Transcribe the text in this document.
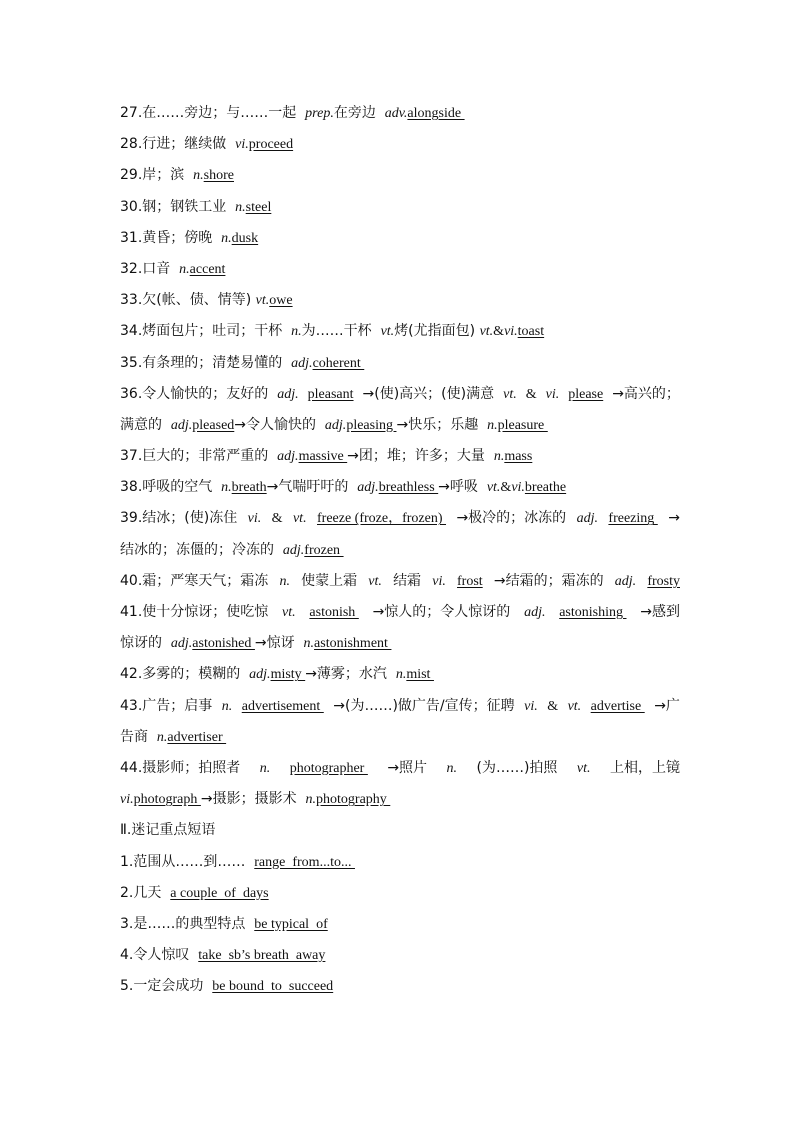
27.在……旁边；与……一起  prep.在旁边  adv.alongside
28.行进；继续做  vi.proceed
29.岸；滨  n.shore
30.钢；钢铁工业  n.steel
31.黄昏；傍晚  n.dusk
32.口音  n.accent
33.欠(帐、债、情等) vt.owe
34.烤面包片；吐司；干杯  n.为……干杯  vt.烤(尤指面包) vt.&vi.toast
35.有条理的；清楚易懂的  adj.coherent
36.令人愉快的；友好的 adj. pleasant →(使)高兴；(使)满意 vt. & vi. please →高兴的；
满意的  adj.pleased→令人愉快的  adj.pleasing →快乐；乐趣  n.pleasure
37.巨大的；非常严重的  adj.massive →团；堆；许多；大量  n.mass
38.呼吸的空气  n.breath→气喘吁吁的  adj.breathless →呼吸  vt.&vi.breathe
39.结冰；(使)冻住 vi. & vt. freeze (froze，frozen) →极冷的；冰冻的 adj. freezing →
结冰的；冻僵的；冷冻的  adj.frozen
40.霜；严寒天气；霜冻 n. 使蒙上霜 vt. 结霜 vi. frost →结霜的；霜冻的 adj. frosty
41.使十分惊讶；使吃惊 vt. astonish →惊人的；令人惊讶的 adj. astonishing →感到
惊讶的  adj.astonished →惊讶  n.astonishment
42.多雾的；模糊的  adj.misty →薄雾；水汽  n.mist
43.广告；启事 n. advertisement →(为……)做广告/宣传；征聘 vi. & vt. advertise →广
告商  n.advertiser
44.摄影师；拍照者 n. photographer →照片 n. (为……)拍照 vt. 上相，上镜
vi.photograph →摄影；摄影术  n.photography
Ⅱ.迷记重点短语
1.范围从……到……  range  from...to...
2.几天  a couple  of  days
3.是……的典型特点  be typical  of
4.令人惊叹  take  sb’s breath  away
5.一定会成功  be bound  to  succeed
